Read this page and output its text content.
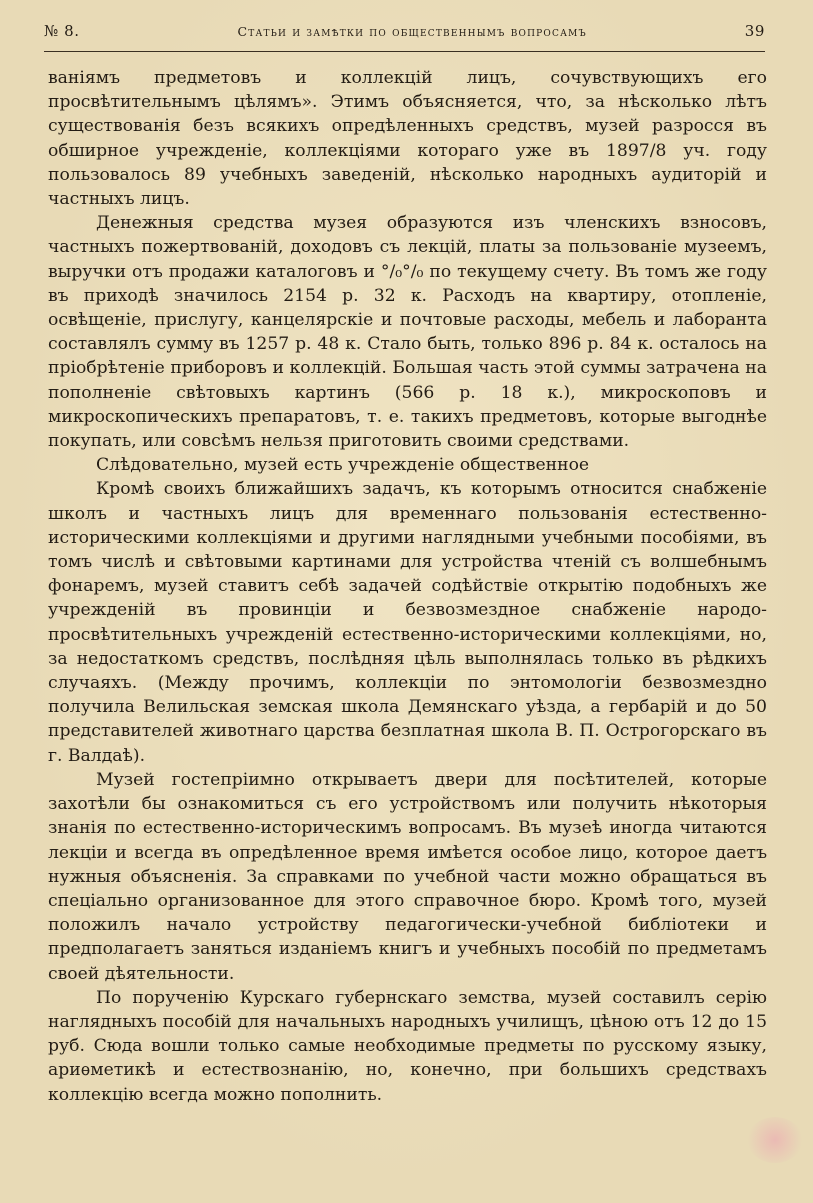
№ 8.	Статьи и замѣтки по общественнымъ вопросамъ	39

ваніямъ предметовъ и коллекцій лицъ, сочувствующихъ его просвѣтительнымъ цѣлямъ». Этимъ объясняется, что, за нѣсколько лѣтъ существованія безъ всякихъ опредѣленныхъ средствъ, музей разросся въ обширное учрежденіе, коллекціями котораго уже въ 1897/8 уч. году пользовалось 89 учебныхъ заведеній, нѣсколько народныхъ аудиторій и частныхъ лицъ.

Денежныя средства музея образуются изъ членскихъ взносовъ, частныхъ пожертвованій, доходовъ съ лекцій, платы за пользованіе музеемъ, выручки отъ продажи каталоговъ и °/₀°/₀ по текущему счету. Въ томъ же году въ приходѣ значилось 2154 р. 32 к. Расходъ на квартиру, отопленіе, освѣщеніе, прислугу, канцелярскіе и почтовые расходы, мебель и лаборанта составлялъ сумму въ 1257 р. 48 к. Стало быть, только 896 р. 84 к. осталось на пріобрѣтеніе приборовъ и коллекцій. Большая часть этой суммы затрачена на пополненіе свѣтовыхъ картинъ (566 р. 18 к.), микроскоповъ и микроскопическихъ препаратовъ, т. е. такихъ предметовъ, которые выгоднѣе покупать, или совсѣмъ нельзя приготовить своими средствами.

Слѣдовательно, музей есть учрежденіе общественное

Кромѣ своихъ ближайшихъ задачъ, къ которымъ относится снабженіе школъ и частныхъ лицъ для временнаго пользованія естественно-историческими коллекціями и другими наглядными учебными пособіями, въ томъ числѣ и свѣтовыми картинами для устройства чтеній съ волшебнымъ фонаремъ, музей ставитъ себѣ задачей содѣйствіе открытію подобныхъ же учрежденій въ провинціи и безвозмездное снабженіе народо-просвѣтительныхъ учрежденій естественно-историческими коллекціями, но, за недостаткомъ средствъ, послѣдняя цѣль выполнялась только въ рѣдкихъ случаяхъ. (Между прочимъ, коллекціи по энтомологіи безвозмездно получила Велильская земская школа Демянскаго уѣзда, а гербарій и до 50 представителей животнаго царства безплатная школа В. П. Острогорскаго въ г. Валдаѣ).

Музей гостепріимно открываетъ двери для посѣтителей, которые захотѣли бы ознакомиться съ его устройствомъ или получить нѣкоторыя знанія по естественно-историческимъ вопросамъ. Въ музеѣ иногда читаются лекціи и всегда въ опредѣленное время имѣется особое лицо, которое даетъ нужныя объясненія. За справками по учебной части можно обращаться въ спеціально организованное для этого справочное бюро. Кромѣ того, музей положилъ начало устройству педагогически-учебной библіотеки и предполагаетъ заняться изданіемъ книгъ и учебныхъ пособій по предметамъ своей дѣятельности.

По порученію Курскаго губернскаго земства, музей составилъ серію наглядныхъ пособій для начальныхъ народныхъ училищъ, цѣною отъ 12 до 15 руб. Сюда вошли только самые необходимые предметы по русскому языку, ариѳметикѣ и естествознанію, но, конечно, при большихъ средствахъ коллекцію всегда можно пополнить.
